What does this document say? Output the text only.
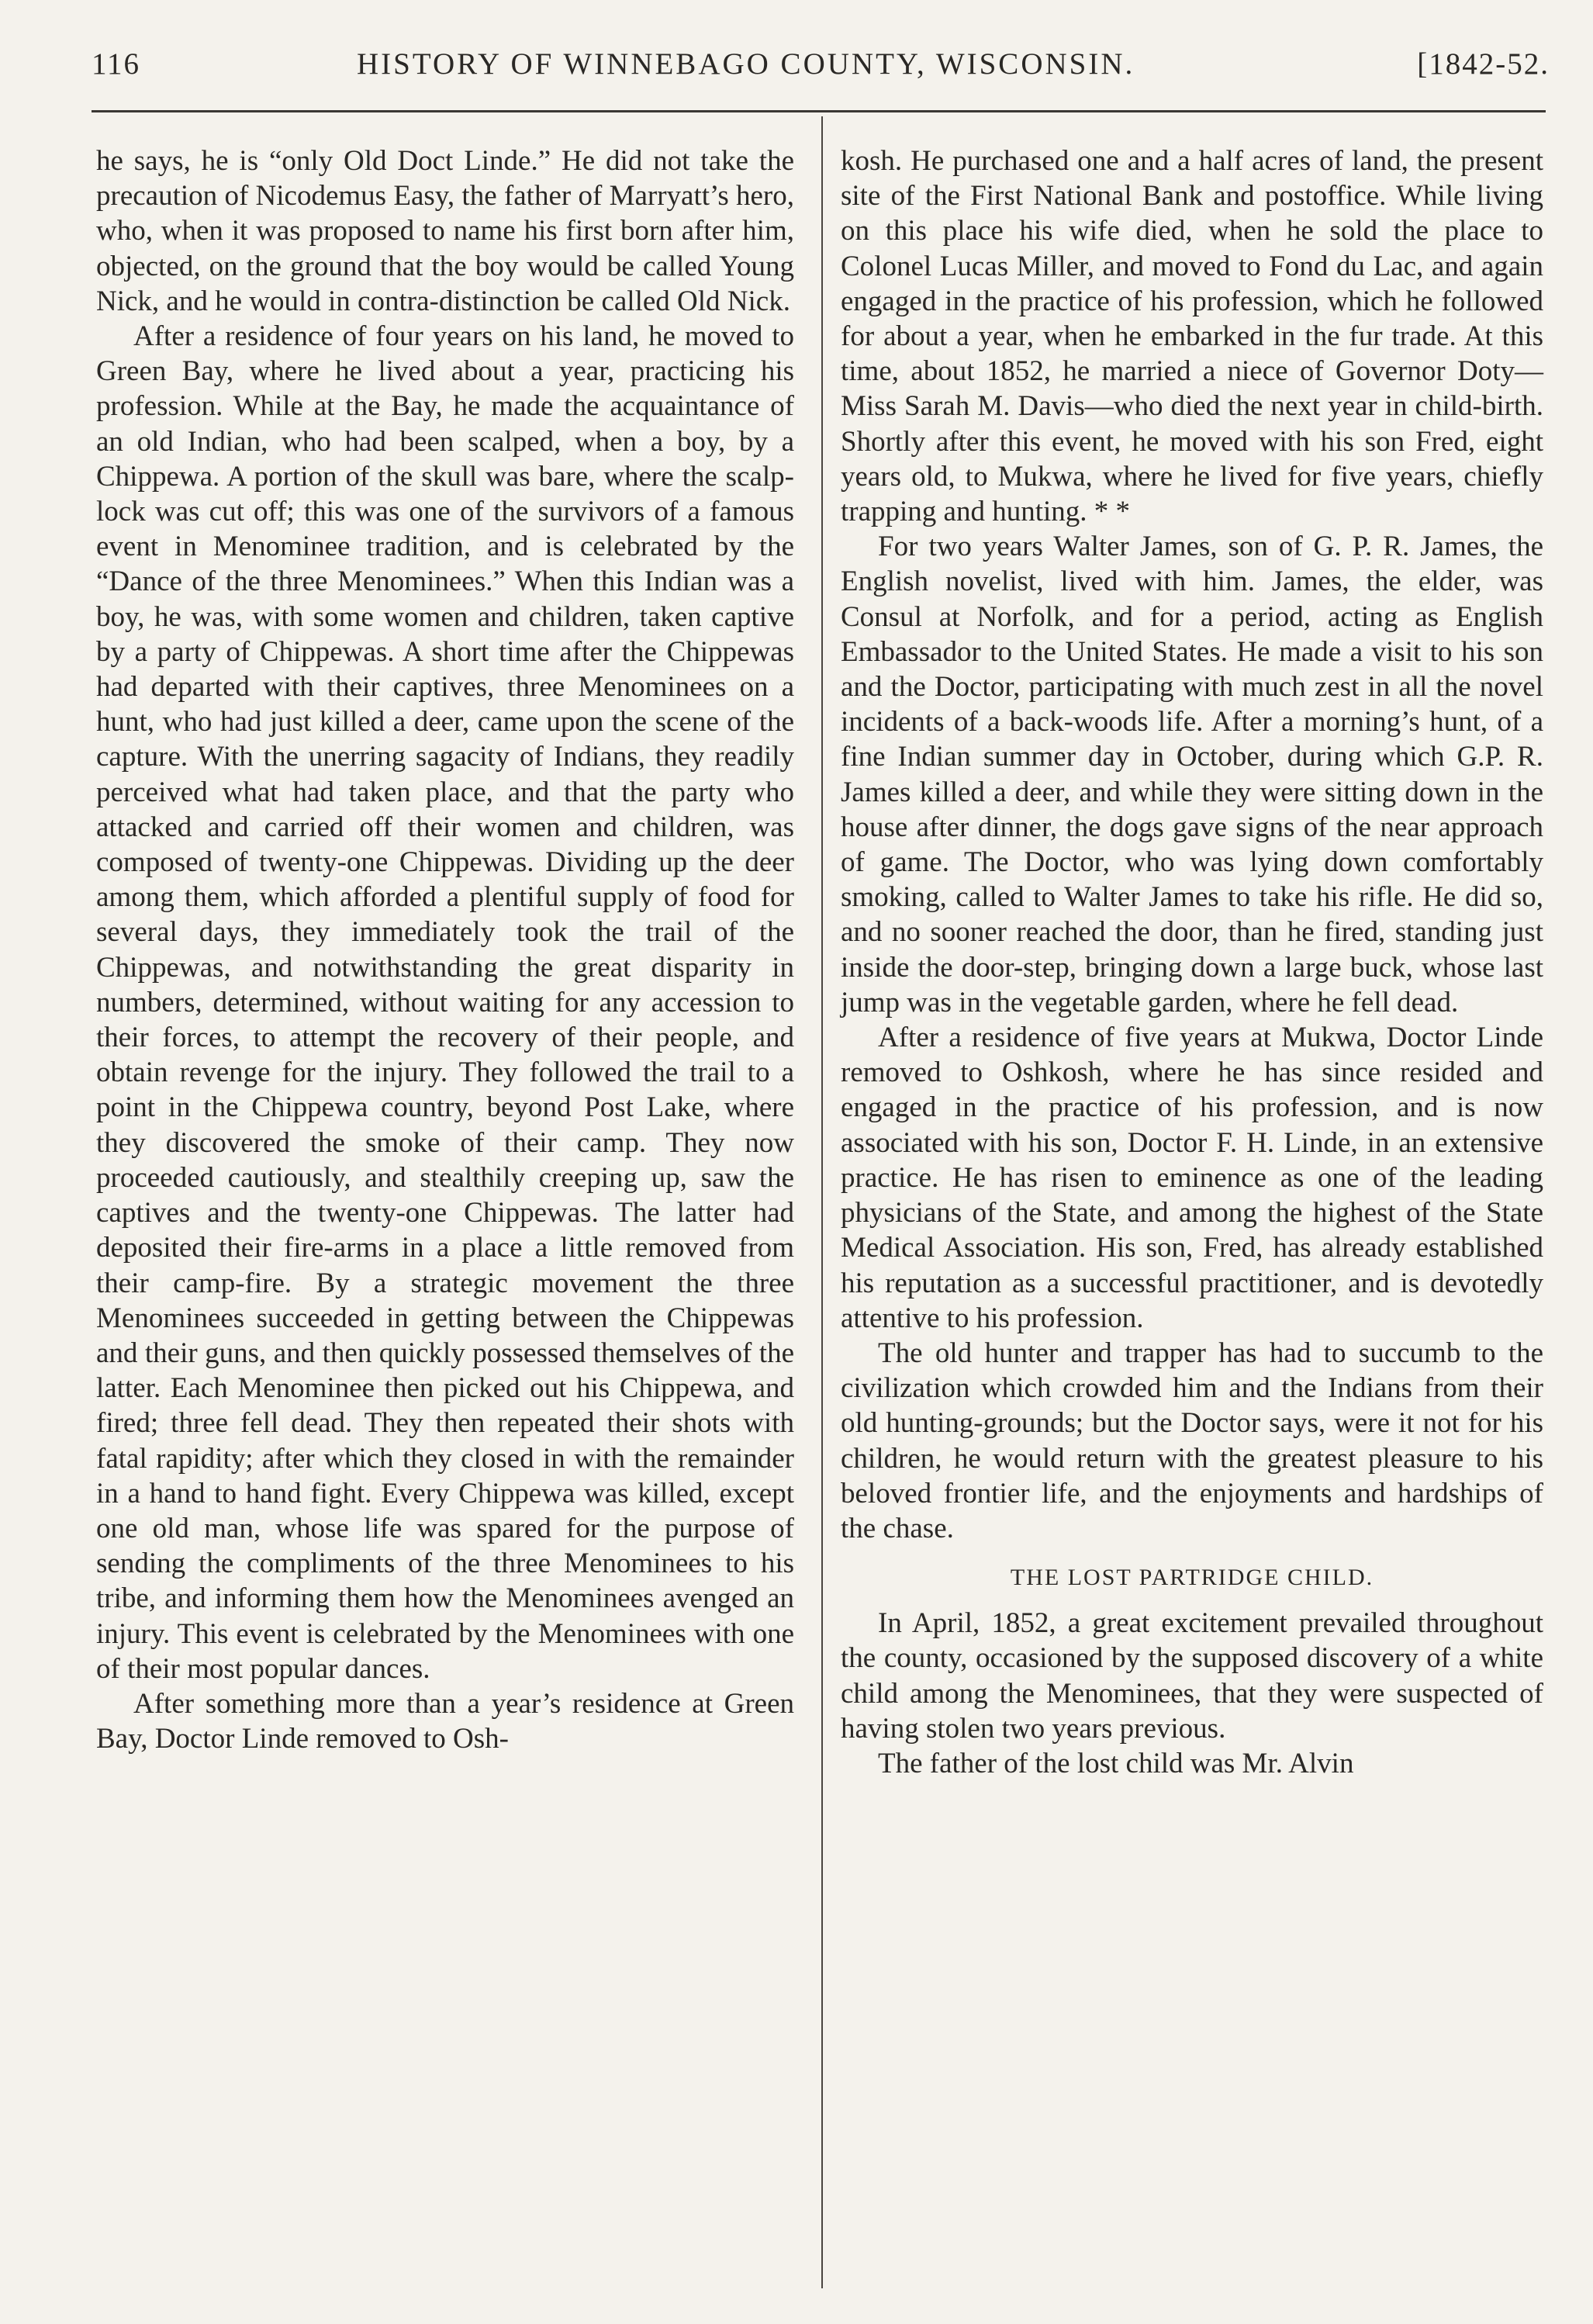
116	HISTORY OF WINNEBAGO COUNTY, WISCONSIN.	[1842-52.

he says, he is “only Old Doct Linde.” He did not take the precaution of Nicodemus Easy, the father of Marryatt’s hero, who, when it was proposed to name his first born after him, objected, on the ground that the boy would be called Young Nick, and he would in contra-distinction be called Old Nick.

After a residence of four years on his land, he moved to Green Bay, where he lived about a year, practicing his profession. While at the Bay, he made the acquaintance of an old Indian, who had been scalped, when a boy, by a Chippewa. A portion of the skull was bare, where the scalp-lock was cut off; this was one of the survivors of a famous event in Menominee tradition, and is celebrated by the “Dance of the three Menominees.” When this Indian was a boy, he was, with some women and children, taken captive by a party of Chippewas. A short time after the Chippewas had departed with their captives, three Menominees on a hunt, who had just killed a deer, came upon the scene of the capture. With the unerring sagacity of Indians, they readily perceived what had taken place, and that the party who attacked and carried off their women and children, was composed of twenty-one Chippewas. Dividing up the deer among them, which afforded a plentiful supply of food for several days, they immediately took the trail of the Chippewas, and notwithstanding the great disparity in numbers, determined, without waiting for any accession to their forces, to attempt the recovery of their people, and obtain revenge for the injury. They followed the trail to a point in the Chippewa country, beyond Post Lake, where they discovered the smoke of their camp. They now proceeded cautiously, and stealthily creeping up, saw the captives and the twenty-one Chippewas. The latter had deposited their fire-arms in a place a little removed from their camp-fire. By a strategic movement the three Menominees succeeded in getting between the Chippewas and their guns, and then quickly possessed themselves of the latter. Each Menominee then picked out his Chippewa, and fired; three fell dead. They then repeated their shots with fatal rapidity; after which they closed in with the remainder in a hand to hand fight. Every Chippewa was killed, except one old man, whose life was spared for the purpose of sending the compliments of the three Menominees to his tribe, and informing them how the Menominees avenged an injury. This event is celebrated by the Menominees with one of their most popular dances.

After something more than a year’s residence at Green Bay, Doctor Linde removed to Osh-

kosh. He purchased one and a half acres of land, the present site of the First National Bank and postoffice. While living on this place his wife died, when he sold the place to Colonel Lucas Miller, and moved to Fond du Lac, and again engaged in the practice of his profession, which he followed for about a year, when he embarked in the fur trade. At this time, about 1852, he married a niece of Governor Doty—Miss Sarah M. Davis—who died the next year in child-birth. Shortly after this event, he moved with his son Fred, eight years old, to Mukwa, where he lived for five years, chiefly trapping and hunting. * *

For two years Walter James, son of G. P. R. James, the English novelist, lived with him. James, the elder, was Consul at Norfolk, and for a period, acting as English Embassador to the United States. He made a visit to his son and the Doctor, participating with much zest in all the novel incidents of a back-woods life. After a morning’s hunt, of a fine Indian summer day in October, during which G.P. R. James killed a deer, and while they were sitting down in the house after dinner, the dogs gave signs of the near approach of game. The Doctor, who was lying down comfortably smoking, called to Walter James to take his rifle. He did so, and no sooner reached the door, than he fired, standing just inside the door-step, bringing down a large buck, whose last jump was in the vegetable garden, where he fell dead.

After a residence of five years at Mukwa, Doctor Linde removed to Oshkosh, where he has since resided and engaged in the practice of his profession, and is now associated with his son, Doctor F. H. Linde, in an extensive practice. He has risen to eminence as one of the leading physicians of the State, and among the highest of the State Medical Association. His son, Fred, has already established his reputation as a successful practitioner, and is devotedly attentive to his profession.

The old hunter and trapper has had to succumb to the civilization which crowded him and the Indians from their old hunting-grounds; but the Doctor says, were it not for his children, he would return with the greatest pleasure to his beloved frontier life, and the enjoyments and hardships of the chase.

THE LOST PARTRIDGE CHILD.

In April, 1852, a great excitement prevailed throughout the county, occasioned by the supposed discovery of a white child among the Menominees, that they were suspected of having stolen two years previous.

The father of the lost child was Mr. Alvin
